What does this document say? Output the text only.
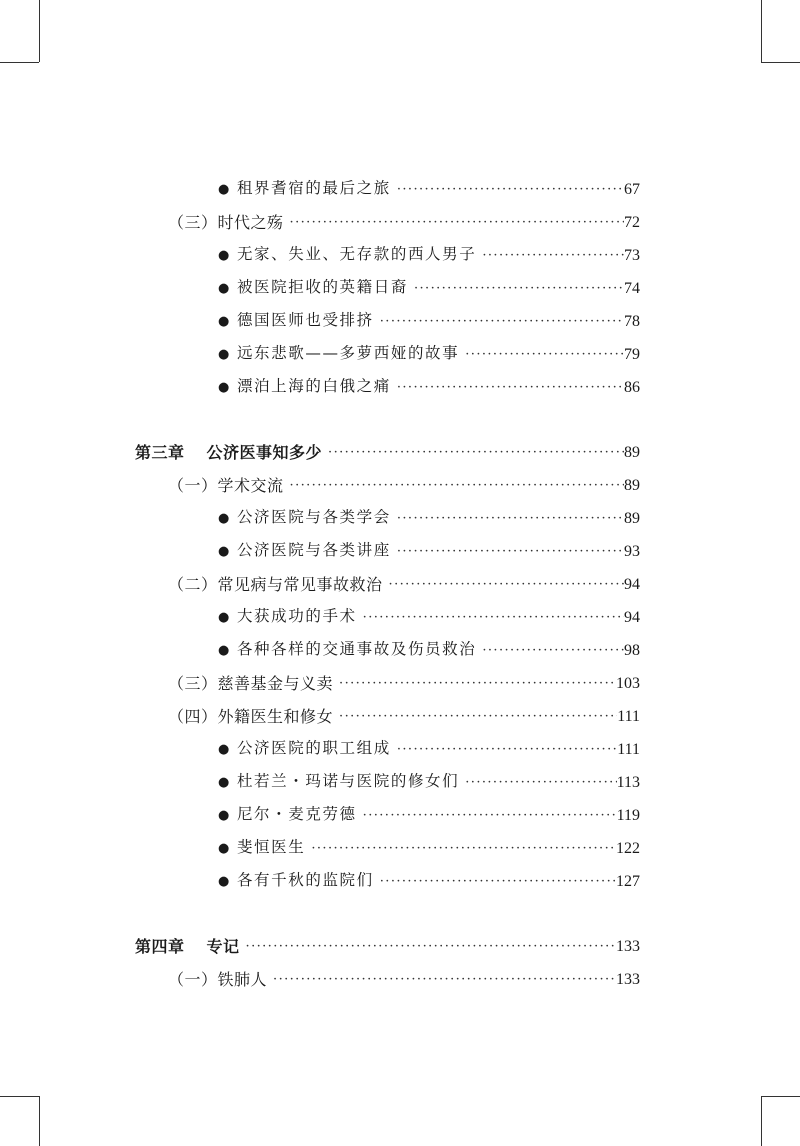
● 租界耆宿的最后之旅 ·····	67
（三）时代之殇 ·····	72
● 无家、失业、无存款的西人男子 ·····	73
● 被医院拒收的英籍日裔 ·····	74
● 德国医师也受排挤 ·····	78
● 远东悲歌——多萝西娅的故事 ·····	79
● 漂泊上海的白俄之痛 ·····	86
第三章 公济医事知多少 ·····	89
（一）学术交流 ·····	89
● 公济医院与各类学会 ·····	89
● 公济医院与各类讲座 ·····	93
（二）常见病与常见事故救治 ·····	94
● 大获成功的手术 ·····	94
● 各种各样的交通事故及伤员救治 ·····	98
（三）慈善基金与义卖 ·····	103
（四）外籍医生和修女 ·····	111
● 公济医院的职工组成 ·····	111
● 杜若兰・玛诺与医院的修女们 ·····	113
● 尼尔・麦克劳德 ·····	119
● 斐恒医生 ·····	122
● 各有千秋的监院们 ·····	127
第四章 专记 ·····	133
（一）铁肺人 ·····	133
